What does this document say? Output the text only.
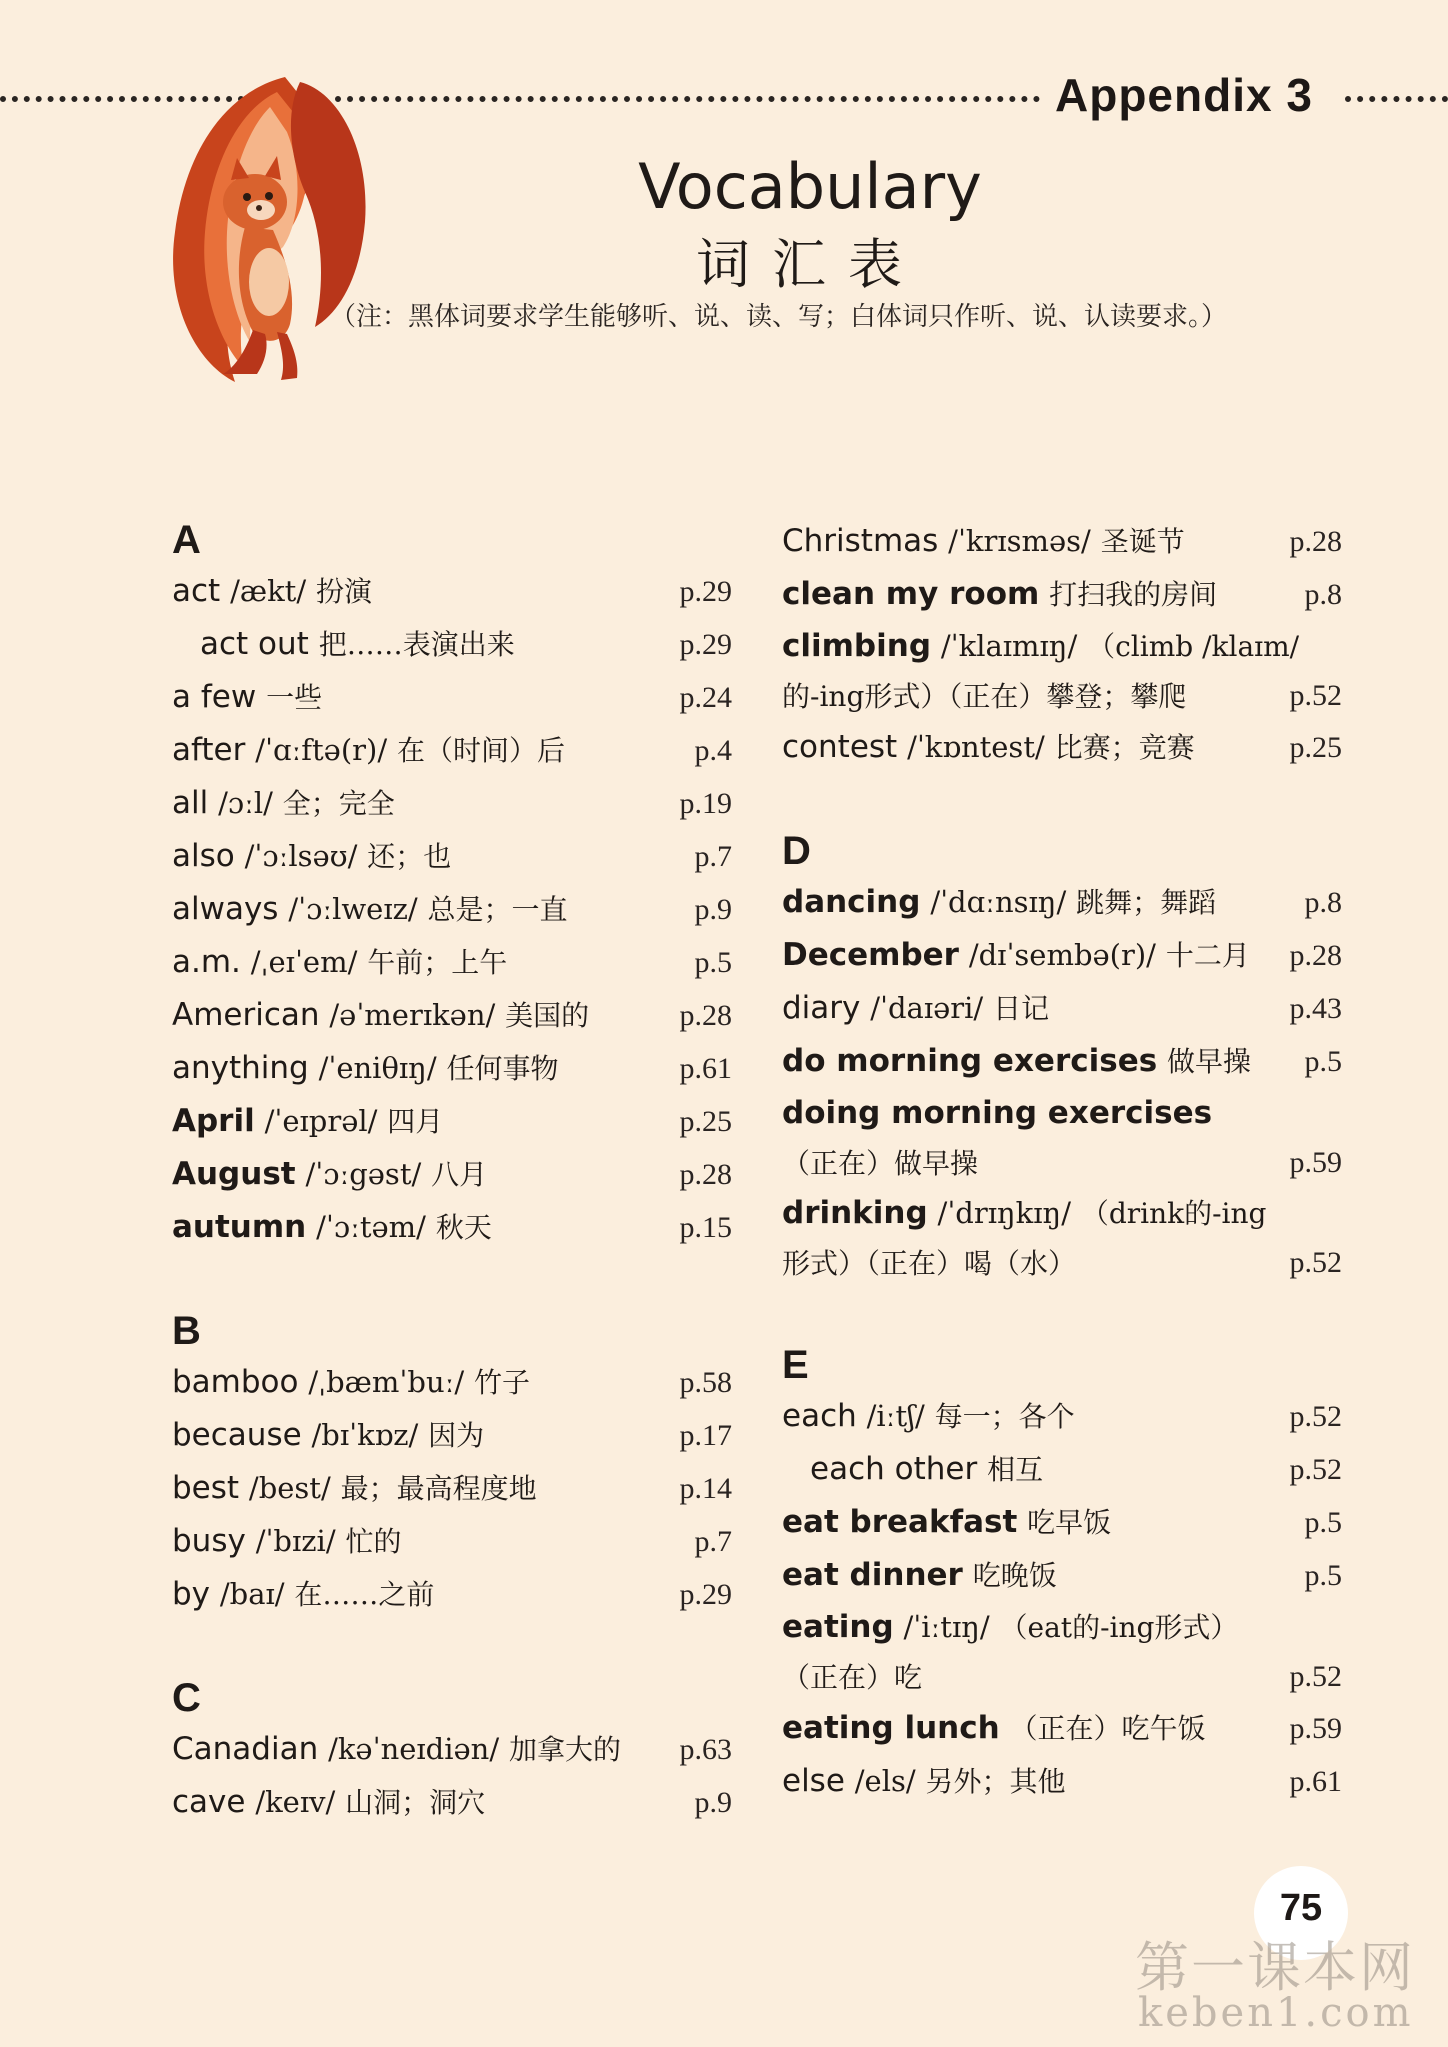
Appendix 3
Vocabulary
词汇表
（注：黑体词要求学生能够听、说、读、写；白体词只作听、说、认读要求。）
A
act /ækt/ 扮演	p.29
act out 把……表演出来	p.29
a few 一些	p.24
after /ˈɑːftə(r)/ 在（时间）后	p.4
all /ɔːl/ 全；完全	p.19
also /ˈɔːlsəʊ/ 还；也	p.7
always /ˈɔːlweɪz/ 总是；一直	p.9
a.m. /ˌeɪˈem/ 午前；上午	p.5
American /əˈmerɪkən/ 美国的	p.28
anything /ˈeniθɪŋ/ 任何事物	p.61
April /ˈeɪprəl/ 四月	p.25
August /ˈɔːgəst/ 八月	p.28
autumn /ˈɔːtəm/ 秋天	p.15
B
bamboo /ˌbæmˈbuː/ 竹子	p.58
because /bɪˈkɒz/ 因为	p.17
best /best/ 最；最高程度地	p.14
busy /ˈbɪzi/ 忙的	p.7
by /baɪ/ 在……之前	p.29
C
Canadian /kəˈneɪdiən/ 加拿大的 p.63
cave /keɪv/ 山洞；洞穴	p.9
Christmas /ˈkrɪsməs/ 圣诞节	p.28
clean my room 打扫我的房间	p.8
climbing /ˈklaɪmɪŋ/ （climb /klaɪm/
的-ing形式）（正在）攀登；攀爬	p.52
contest /ˈkɒntest/ 比赛；竞赛	p.25
D
dancing /ˈdɑːnsɪŋ/ 跳舞；舞蹈	p.8
December /dɪˈsembə(r)/ 十二月 p.28
diary /ˈdaɪəri/ 日记	p.43
do morning exercises 做早操 p.5
doing morning exercises
（正在）做早操	p.59
drinking /ˈdrɪŋkɪŋ/ （drink的-ing
形式）（正在）喝（水）	p.52
E
each /iːtʃ/ 每一；各个	p.52
each other 相互	p.52
eat breakfast 吃早饭	p.5
eat dinner 吃晚饭	p.5
eating /ˈiːtɪŋ/ （eat的-ing形式）
（正在）吃	p.52
eating lunch （正在）吃午饭	p.59
else /els/ 另外；其他	p.61
75
第一课本网
keben1.com
